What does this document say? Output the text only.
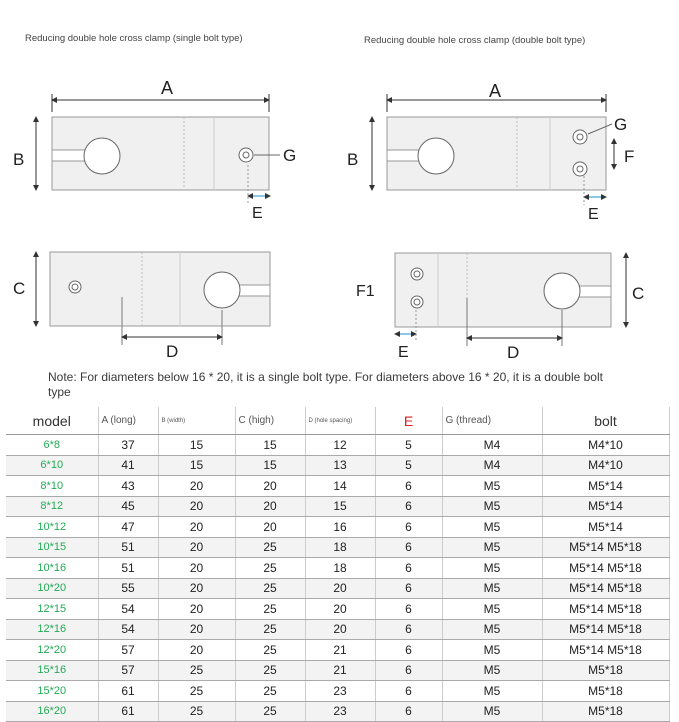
Reducing double hole cross clamp (single bolt type)	Reducing double hole cross clamp (double bolt type)
A
B	G
E
C
D
A
B
G
F
E
C
F1
E	D
Note: For diameters below 16 * 20, it is a single bolt type. For diameters above 16 * 20, it is a double bolt type
model	A (long)	B (width)	C (high)	D (hole spacing)	E	G (thread)	bolt
6*8	37	15	15	12	5	M4	M4*10
6*10	41	15	15	13	5	M4	M4*10
8*10	43	20	20	14	6	M5	M5*14
8*12	45	20	20	15	6	M5	M5*14
10*12	47	20	20	16	6	M5	M5*14
10*15	51	20	25	18	6	M5	M5*14 M5*18
10*16	51	20	25	18	6	M5	M5*14 M5*18
10*20	55	20	25	20	6	M5	M5*14 M5*18
12*15	54	20	25	20	6	M5	M5*14 M5*18
12*16	54	20	25	20	6	M5	M5*14 M5*18
12*20	57	20	25	21	6	M5	M5*14 M5*18
15*16	57	25	25	21	6	M5	M5*18
15*20	61	25	25	23	6	M5	M5*18
16*20	61	25	25	23	6	M5	M5*18
